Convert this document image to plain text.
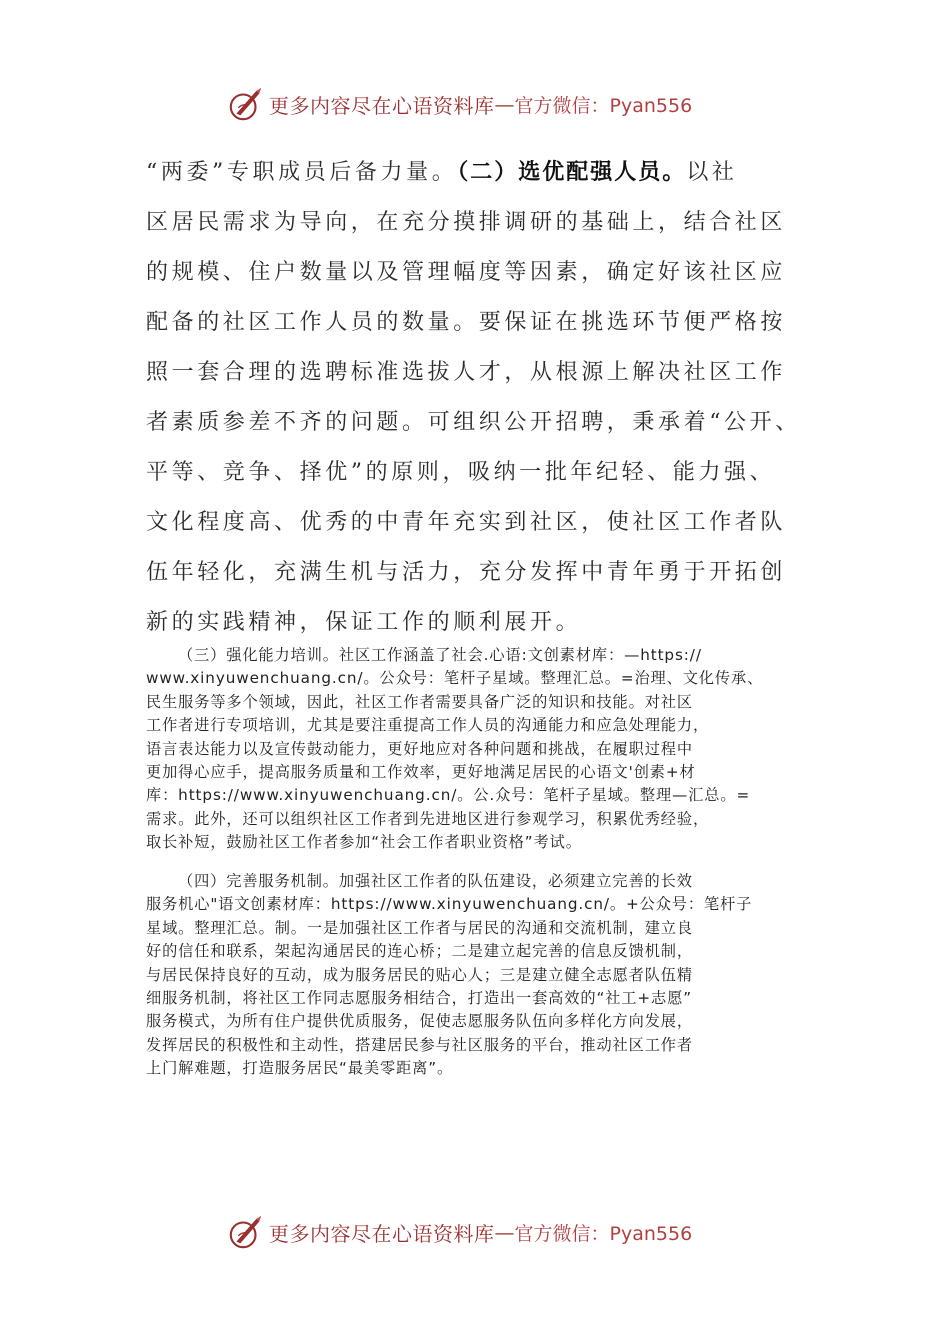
更多内容尽在心语资料库 — 官方微信：Pyan556
“两委”专职成员后备力量。（二）选优配强人员。以社
区居民需求为导向，在充分摸排调研的基础上，结合社区
的规模、住户数量以及管理幅度等因素，确定好该社区应
配备的社区工作人员的数量。要保证在挑选环节便严格按
照一套合理的选聘标准选拔人才，从根源上解决社区工作
者素质参差不齐的问题。可组织公开招聘，秉承着“公开、
平等、竞争、择优”的原则，吸纳一批年纪轻、能力强、
文化程度高、优秀的中青年充实到社区，使社区工作者队
伍年轻化，充满生机与活力，充分发挥中青年勇于开拓创
新的实践精神，保证工作的顺利展开。
（三）强化能力培训。社区工作涵盖了社会.心语:文创素材库：—https://
www.xinyuwenchuang.cn/。公众号：笔杆子星域。整理汇总。=治理、文化传承、
民生服务等多个领域，因此，社区工作者需要具备广泛的知识和技能。对社区
工作者进行专项培训，尤其是要注重提高工作人员的沟通能力和应急处理能力，
语言表达能力以及宣传鼓动能力，更好地应对各种问题和挑战，在履职过程中
更加得心应手，提高服务质量和工作效率，更好地满足居民的心语文'创素+材
库：https://www.xinyuwenchuang.cn/。公.众号：笔杆子星域。整理—汇总。=
需求。此外，还可以组织社区工作者到先进地区进行参观学习，积累优秀经验，
取长补短，鼓励社区工作者参加“社会工作者职业资格”考试。
（四）完善服务机制。加强社区工作者的队伍建设，必须建立完善的长效
服务机心"语文创素材库：https://www.xinyuwenchuang.cn/。+公众号：笔杆子
星域。整理汇总。制。一是加强社区工作者与居民的沟通和交流机制，建立良
好的信任和联系，架起沟通居民的连心桥；二是建立起完善的信息反馈机制，
与居民保持良好的互动，成为服务居民的贴心人；三是建立健全志愿者队伍精
细服务机制，将社区工作同志愿服务相结合，打造出一套高效的“社工+志愿”
服务模式，为所有住户提供优质服务，促使志愿服务队伍向多样化方向发展，
发挥居民的积极性和主动性，搭建居民参与社区服务的平台，推动社区工作者
上门解难题，打造服务居民“最美零距离”。
更多内容尽在心语资料库 — 官方微信：Pyan556
